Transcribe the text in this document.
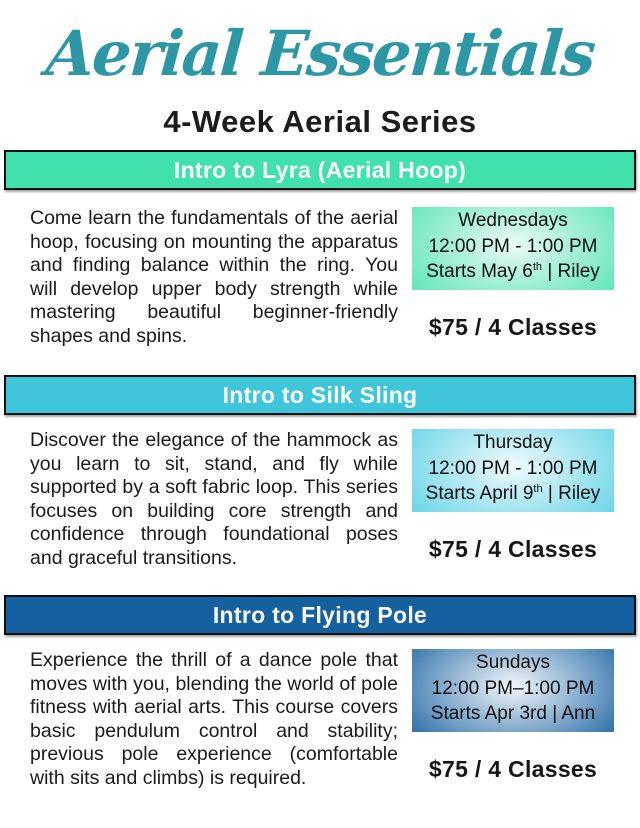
Aerial Essentials
4-Week Aerial Series
Intro to Lyra (Aerial Hoop)
Come learn the fundamentals of the aerial hoop, focusing on mounting the apparatus and finding balance within the ring. You will develop upper body strength while mastering beautiful beginner-friendly shapes and spins.
Wednesdays
12:00 PM - 1:00 PM
Starts May 6th | Riley
$75 / 4 Classes
Intro to Silk Sling
Discover the elegance of the hammock as you learn to sit, stand, and fly while supported by a soft fabric loop. This series focuses on building core strength and confidence through foundational poses and graceful transitions.
Thursday
12:00 PM - 1:00 PM
Starts April 9th | Riley
$75 / 4 Classes
Intro to Flying Pole
Experience the thrill of a dance pole that moves with you, blending the world of pole fitness with aerial arts. This course covers basic pendulum control and stability; previous pole experience (comfortable with sits and climbs) is required.
Sundays
12:00 PM–1:00 PM
Starts Apr 3rd | Ann
$75 / 4 Classes
